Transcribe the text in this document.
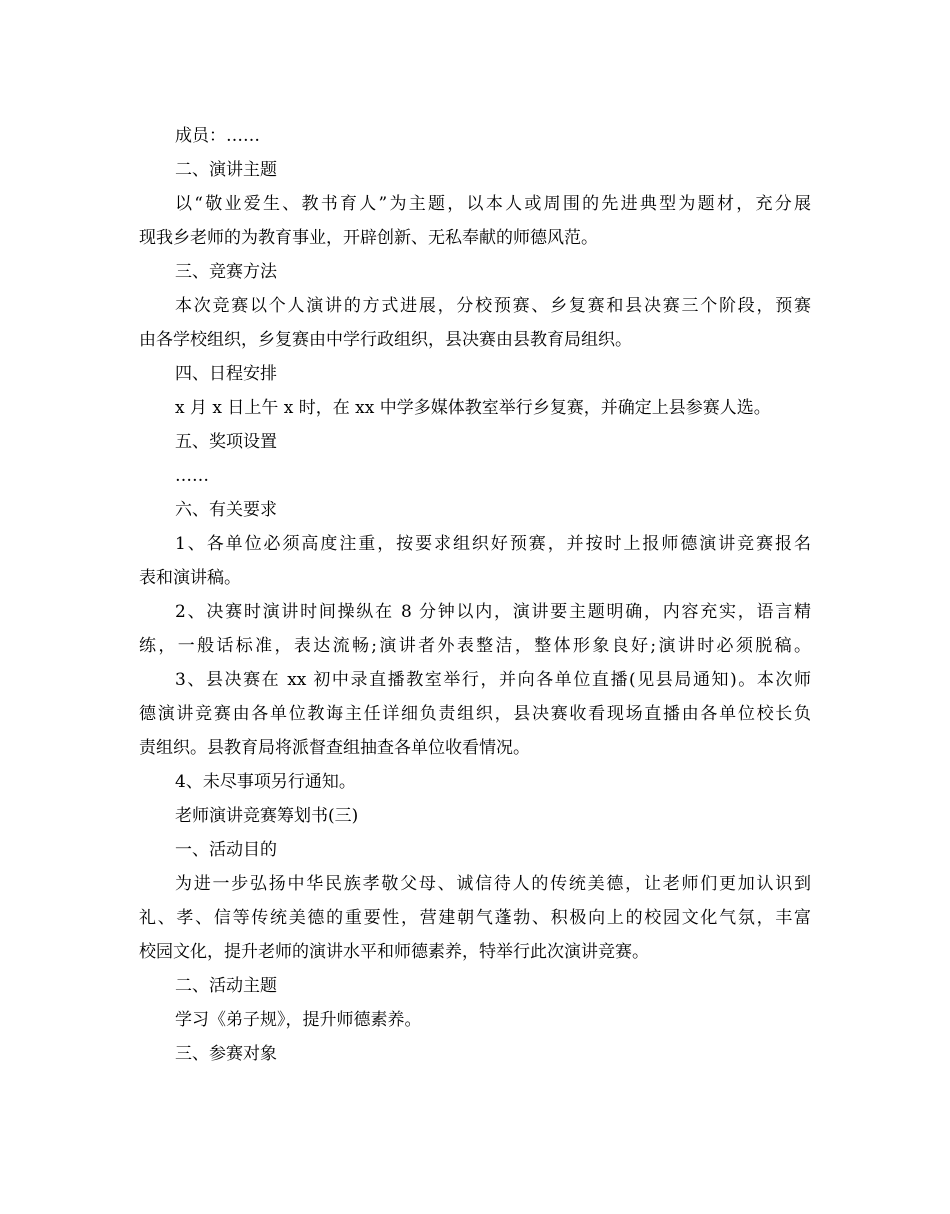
成员：……
二、演讲主题
以“敬业爱生、教书育人”为主题，以本人或周围的先进典型为题材，充分展
现我乡老师的为教育事业，开辟创新、无私奉献的师德风范。
三、竞赛方法
本次竞赛以个人演讲的方式进展，分校预赛、乡复赛和县决赛三个阶段，预赛
由各学校组织，乡复赛由中学行政组织，县决赛由县教育局组织。
四、日程安排
x 月 x 日上午 x 时，在 xx 中学多媒体教室举行乡复赛，并确定上县参赛人选。
五、奖项设置
……
六、有关要求
1、各单位必须高度注重，按要求组织好预赛，并按时上报师德演讲竞赛报名
表和演讲稿。
2、决赛时演讲时间操纵在 8 分钟以内，演讲要主题明确，内容充实，语言精
练，一般话标准，表达流畅;演讲者外表整洁，整体形象良好;演讲时必须脱稿。
3、县决赛在 xx 初中录直播教室举行，并向各单位直播(见县局通知)。本次师
德演讲竞赛由各单位教诲主任详细负责组织，县决赛收看现场直播由各单位校长负
责组织。县教育局将派督查组抽查各单位收看情况。
4、未尽事项另行通知。
老师演讲竞赛筹划书(三)
一、活动目的
为进一步弘扬中华民族孝敬父母、诚信待人的传统美德，让老师们更加认识到
礼、孝、信等传统美德的重要性，营建朝气蓬勃、积极向上的校园文化气氛，丰富
校园文化，提升老师的演讲水平和师德素养，特举行此次演讲竞赛。
二、活动主题
学习《弟子规》，提升师德素养。
三、参赛对象
